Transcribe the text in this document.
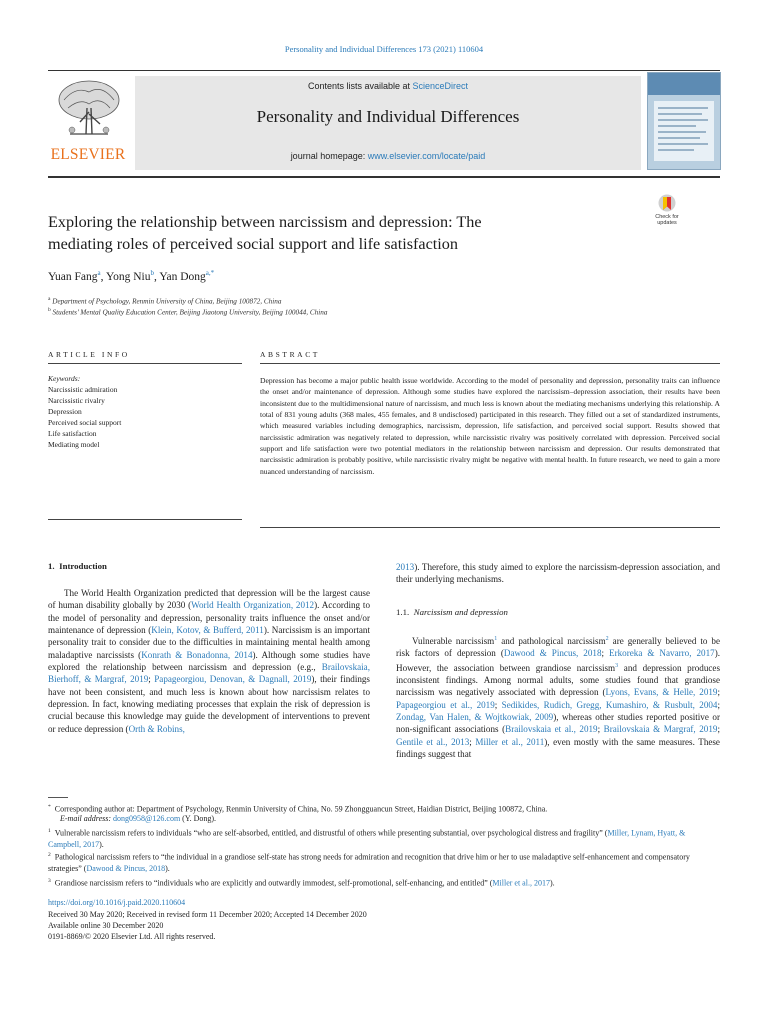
Personality and Individual Differences 173 (2021) 110604
ELSEVIER
Contents lists available at ScienceDirect
Personality and Individual Differences
journal homepage: www.elsevier.com/locate/paid
Exploring the relationship between narcissism and depression: The
mediating roles of perceived social support and life satisfaction
Check for
updates
Yuan Fang$^a$, Yong Niu$^b$, Yan Dong$^{a,*}$
$^a$ Department of Psychology, Renmin University of China, Beijing 100872, China
$^b$ Students’ Mental Quality Education Center, Beijing Jiaotong University, Beijing 100044, China
ARTICLE INFO	ABSTRACT
Keywords:
Narcissistic admiration
Narcissistic rivalry
Depression
Perceived social support
Life satisfaction
Mediating model
Depression has become a major public health issue worldwide. According to the model of personality and depression, personality traits can influence the onset and/or maintenance of depression. Although some studies have explored the narcissism–depression association, their results have been inconsistent due to the multidimensional nature of narcissism, and much less is known about the mediating mechanisms underlying this relationship. A total of 831 young adults (368 males, 455 females, and 8 undisclosed) participated in this research. They filled out a set of standardized instruments, which measured variables including demographics, narcissism, depression, life satisfaction, and perceived social support. Results showed that narcissistic admiration was negatively related to depression, while narcissistic rivalry was positively correlated with depression. Perceived social support and life satisfaction were two potential mediators in the relationship between narcissism and depression. Our results demonstrated that narcissistic admiration is probably positive, while narcissistic rivalry might be negative with mental health. In future research, we need to gain a more nuanced understanding of narcissism.
1. Introduction
The World Health Organization predicted that depression will be the largest cause of human disability globally by 2030 (World Health Organization, 2012). According to the model of personality and depression, personality traits influence the onset and/or maintenance of depression (Klein, Kotov, & Bufferd, 2011). Narcissism is an important personality trait to consider due to the difficulties in maintaining mental health among maladaptive narcissists (Konrath & Bonadonna, 2014). Although some studies have explored the relationship between narcissism and depression (e.g., Brailovskaia, Bierhoff, & Margraf, 2019; Papageorgiou, Denovan, & Dagnall, 2019), their findings have not been consistent, and much less is known about how narcissism relates to depression. In fact, knowing mediating processes that explain the risk of depression is crucial because this knowledge may guide the development of interventions to prevent or reduce depression (Orth & Robins,
2013). Therefore, this study aimed to explore the narcissism-depression association, and their underlying mechanisms.
1.1. Narcissism and depression
Vulnerable narcissism$^1$ and pathological narcissism$^2$ are generally believed to be risk factors of depression (Dawood & Pincus, 2018; Erkoreka & Navarro, 2017). However, the association between grandiose narcissism$^3$ and depression produces inconsistent findings. Among normal adults, some studies found that grandiose narcissism was negatively associated with depression (Lyons, Evans, & Helle, 2019; Papageorgiou et al., 2019; Sedikides, Rudich, Gregg, Kumashiro, & Rusbult, 2004; Zondag, Van Halen, & Wojtkowiak, 2009), whereas other studies reported positive or non-significant associations (Brailovskaia et al., 2019; Brailovskaia & Margraf, 2019; Gentile et al., 2013; Miller et al., 2011), even mostly with the same measures. These findings suggest that
* Corresponding author at: Department of Psychology, Renmin University of China, No. 59 Zhongguancun Street, Haidian District, Beijing 100872, China.
E-mail address: dong0958@126.com (Y. Dong).
$^1$ Vulnerable narcissism refers to individuals “who are self-absorbed, entitled, and distrustful of others while presenting substantial, over psychological distress and fragility” (Miller, Lynam, Hyatt, & Campbell, 2017).
$^2$ Pathological narcissism refers to “the individual in a grandiose self-state has strong needs for admiration and recognition that drive him or her to use maladaptive self-enhancement and compensatory strategies” (Dawood & Pincus, 2018).
$^3$ Grandiose narcissism refers to “individuals who are explicitly and outwardly immodest, self-promotional, self-enhancing, and entitled” (Miller et al., 2017).
https://doi.org/10.1016/j.paid.2020.110604
Received 30 May 2020; Received in revised form 11 December 2020; Accepted 14 December 2020
Available online 30 December 2020
0191-8869/© 2020 Elsevier Ltd. All rights reserved.
